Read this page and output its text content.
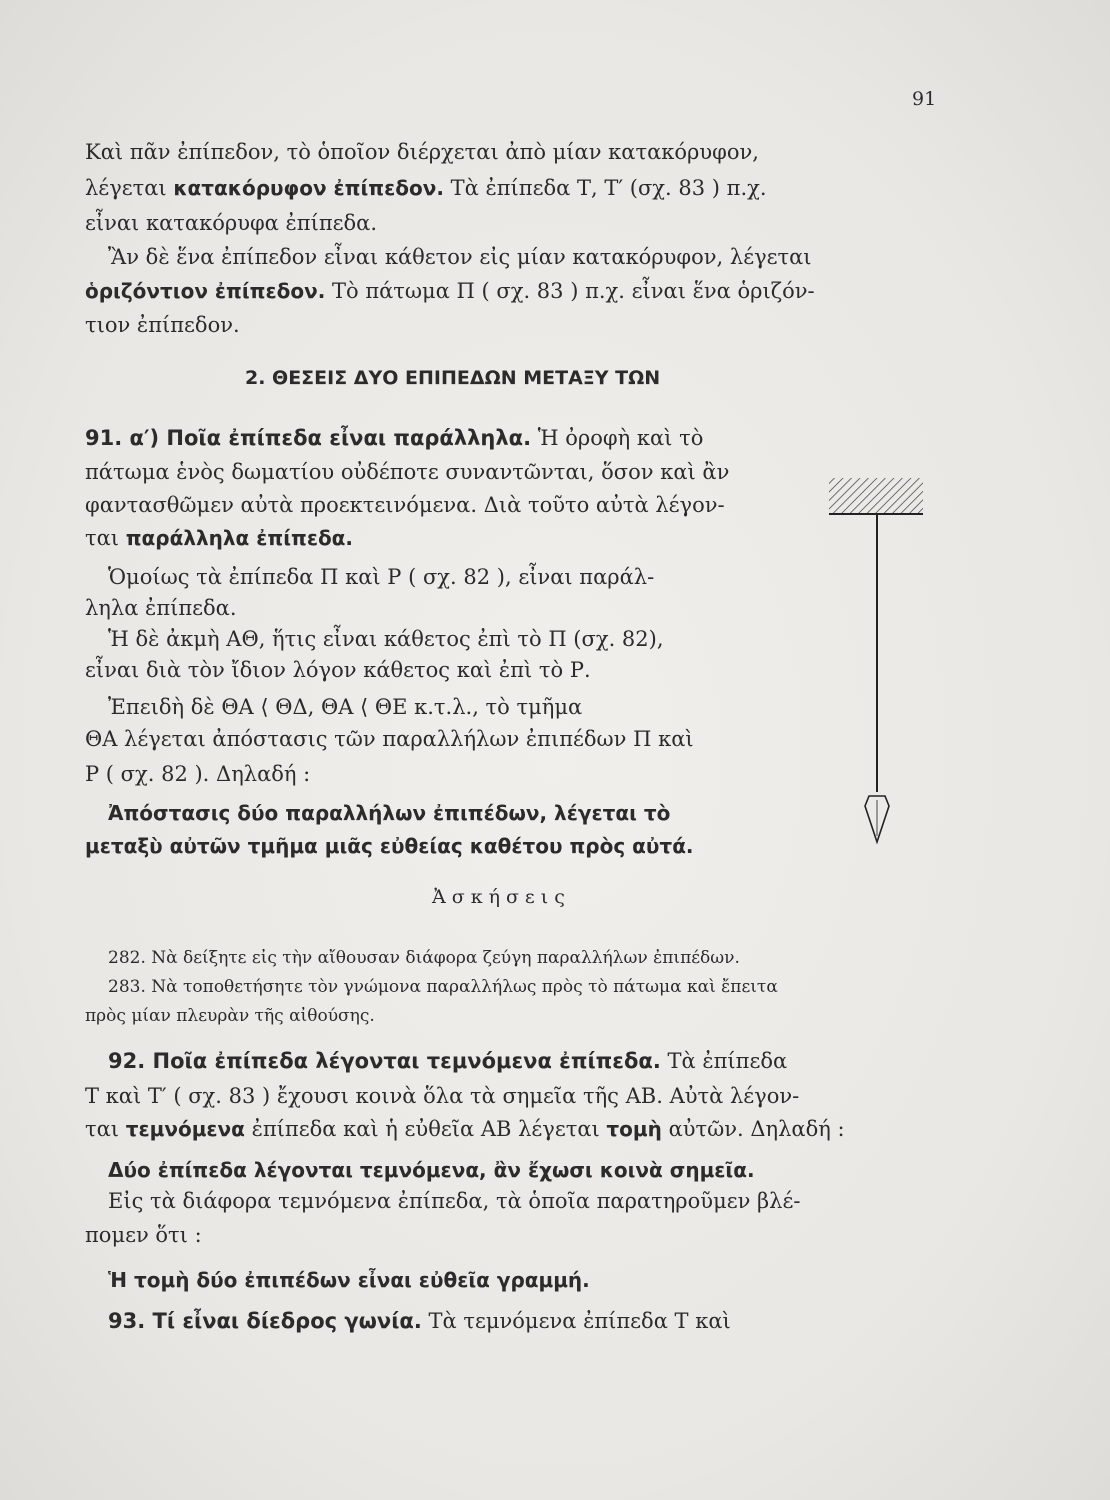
91
Καὶ πᾶν ἐπίπεδον, τὸ ὁποῖον διέρχεται ἀπὸ μίαν κατακόρυφον,
λέγεται κατακόρυφον ἐπίπεδον. Τὰ ἐπίπεδα Τ, Τ′ (σχ. 83 ) π.χ.
εἶναι κατακόρυφα ἐπίπεδα.
Ἂν δὲ ἕνα ἐπίπεδον εἶναι κάθετον εἰς μίαν κατακόρυφον, λέγεται
ὁριζόντιον ἐπίπεδον. Τὸ πάτωμα Π ( σχ. 83 ) π.χ. εἶναι ἕνα ὁριζόν-
τιον ἐπίπεδον.
2. ΘΕΣΕΙΣ ΔΥΟ ΕΠΙΠΕΔΩΝ ΜΕΤΑΞΥ ΤΩΝ
91. α′) Ποῖα ἐπίπεδα εἶναι παράλληλα. Ἡ ὀροφὴ καὶ τὸ
πάτωμα ἑνὸς δωματίου οὐδέποτε συναντῶνται, ὅσον καὶ ἂν
φαντασθῶμεν αὐτὰ προεκτεινόμενα. Διὰ τοῦτο αὐτὰ λέγον-
ται παράλληλα ἐπίπεδα.
Ὁμοίως τὰ ἐπίπεδα Π καὶ Ρ ( σχ. 82 ), εἶναι παράλ-
ληλα ἐπίπεδα.
Ἡ δὲ ἀκμὴ ΑΘ, ἥτις εἶναι κάθετος ἐπὶ τὸ Π (σχ. 82),
εἶναι διὰ τὸν ἴδιον λόγον κάθετος καὶ ἐπὶ τὸ Ρ.
Ἐπειδὴ δὲ ΘΑ ⟨ ΘΔ, ΘΑ ⟨ ΘΕ κ.τ.λ., τὸ τμῆμα
ΘΑ λέγεται ἀπόστασις τῶν παραλλήλων ἐπιπέδων Π καὶ
Ρ ( σχ. 82 ). Δηλαδή :
Ἀπόστασις δύο παραλλήλων ἐπιπέδων, λέγεται τὸ
μεταξὺ αὐτῶν τμῆμα μιᾶς εὐθείας καθέτου πρὸς αὐτά.
Ἀσκήσεις
282. Νὰ δείξητε εἰς τὴν αἴθουσαν διάφορα ζεύγη παραλλήλων ἐπιπέδων.
283. Νὰ τοποθετήσητε τὸν γνώμονα παραλλήλως πρὸς τὸ πάτωμα καὶ ἔπειτα
πρὸς μίαν πλευρὰν τῆς αἰθούσης.
92. Ποῖα ἐπίπεδα λέγονται τεμνόμενα ἐπίπεδα. Τὰ ἐπίπεδα
Τ καὶ Τ′ ( σχ. 83 ) ἔχουσι κοινὰ ὅλα τὰ σημεῖα τῆς ΑΒ. Αὐτὰ λέγον-
ται τεμνόμενα ἐπίπεδα καὶ ἡ εὐθεῖα ΑΒ λέγεται τομὴ αὐτῶν. Δηλαδή :
Δύο ἐπίπεδα λέγονται τεμνόμενα, ἂν ἔχωσι κοινὰ σημεῖα.
Εἰς τὰ διάφορα τεμνόμενα ἐπίπεδα, τὰ ὁποῖα παρατηροῦμεν βλέ-
πομεν ὅτι :
Ἡ τομὴ δύο ἐπιπέδων εἶναι εὐθεῖα γραμμή.
93. Τί εἶναι δίεδρος γωνία. Τὰ τεμνόμενα ἐπίπεδα Τ καὶ
